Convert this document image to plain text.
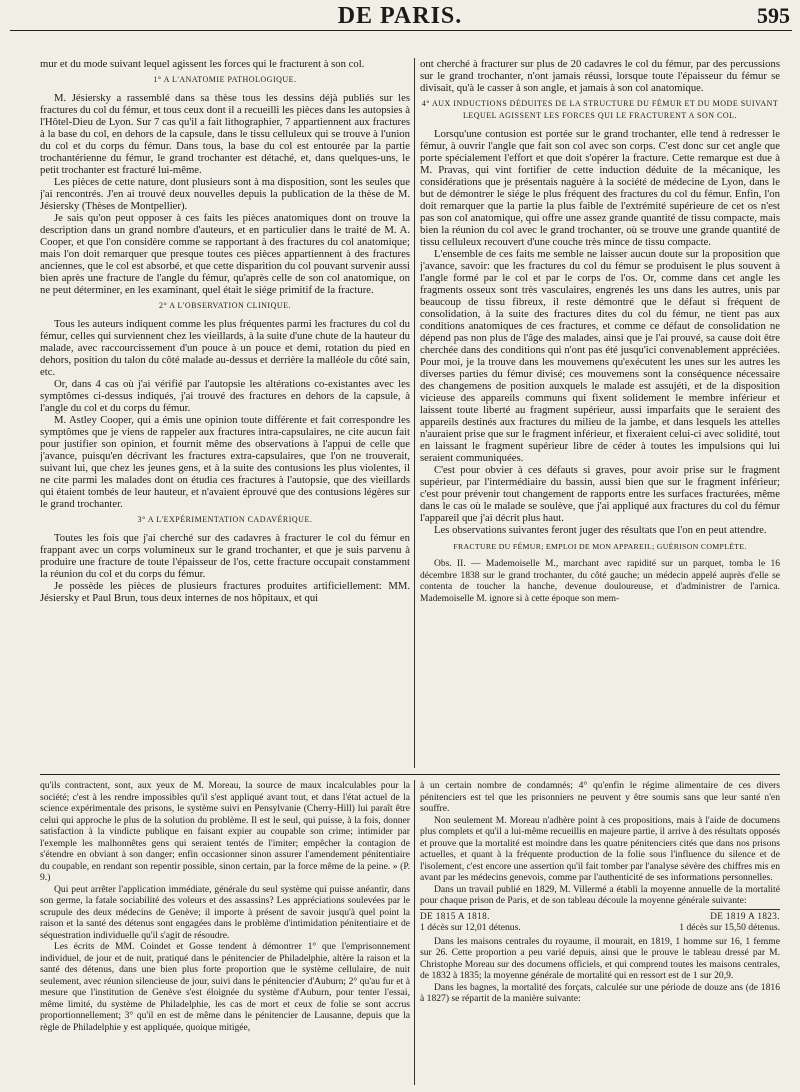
DE PARIS.	595

mur et du mode suivant lequel agissent les forces qui le fracturent à son col.

1° A L'ANATOMIE PATHOLOGIQUE.

M. Jésiersky a rassemblé dans sa thèse tous les dessins déjà publiés sur les fractures du col du fémur, et tous ceux dont il a recueilli les pièces dans les autopsies à l'Hôtel-Dieu de Lyon. Sur 7 cas qu'il a fait lithographier, 7 appartiennent aux fractures à la base du col, en dehors de la capsule, dans le tissu celluleux qui se trouve à l'union du col et du corps du fémur. Dans tous, la base du col est entourée par la partie trochantérienne du fémur, le grand trochanter est détaché, et, dans quelques-uns, le petit trochanter est fracturé lui-même.

Les pièces de cette nature, dont plusieurs sont à ma disposition, sont les seules que j'ai rencontrés. J'en ai trouvé deux nouvelles depuis la publication de la thèse de M. Jésiersky (Thèses de Montpellier).

Je sais qu'on peut opposer à ces faits les pièces anatomiques dont on trouve la description dans un grand nombre d'auteurs, et en particulier dans le traité de M. A. Cooper, et que l'on considère comme se rapportant à des fractures du col anatomique; mais l'on doit remarquer que presque toutes ces pièces appartiennent à des fractures anciennes, que le col est absorbé, et que cette disparition du col pouvant survenir aussi bien après une fracture de l'angle du fémur, qu'après celle de son col anatomique, on ne peut déterminer, en les examinant, quel était le siége primitif de la fracture.

2° A L'OBSERVATION CLINIQUE.

Tous les auteurs indiquent comme les plus fréquentes parmi les fractures du col du fémur, celles qui surviennent chez les vieillards, à la suite d'une chute de la hauteur du malade, avec raccourcissement d'un pouce à un pouce et demi, rotation du pied en dehors, position du talon du côté malade au-dessus et derrière la malléole du côté sain, etc.

Or, dans 4 cas où j'ai vérifié par l'autopsie les altérations co-existantes avec les symptômes ci-dessus indiqués, j'ai trouvé des fractures en dehors de la capsule, à l'angle du col et du corps du fémur.

M. Astley Cooper, qui a émis une opinion toute différente et fait correspondre les symptômes que je viens de rappeler aux fractures intra-capsulaires, ne cite aucun fait pour justifier son opinion, et fournit même des observations à l'appui de celle que j'avance, puisqu'en décrivant les fractures extra-capsulaires, que l'on ne trouverait, suivant lui, que chez les jeunes gens, et à la suite des contusions les plus violentes, il ne cite parmi les malades dont on étudia ces fractures à l'autopsie, que des vieillards qui étaient tombés de leur hauteur, et n'avaient éprouvé que des contusions légères sur le grand trochanter.

3° A L'EXPÉRIMENTATION CADAVÉRIQUE.

Toutes les fois que j'ai cherché sur des cadavres à fracturer le col du fémur en frappant avec un corps volumineux sur le grand trochanter, et que je suis parvenu à produire une fracture de toute l'épaisseur de l'os, cette fracture occupait constamment la réunion du col et du corps du fémur.

Je possède les pièces de plusieurs fractures produites artificiellement: MM. Jésiersky et Paul Brun, tous deux internes de nos hôpitaux, et qui

ont cherché à fracturer sur plus de 20 cadavres le col du fémur, par des percussions sur le grand trochanter, n'ont jamais réussi, lorsque toute l'épaisseur du fémur se divisait, qu'à le casser à son angle, et jamais à son col anatomique.

4° AUX INDUCTIONS DÉDUITES DE LA STRUCTURE DU FÉMUR ET DU MODE SUIVANT LEQUEL AGISSENT LES FORCES QUI LE FRACTURENT A SON COL.

Lorsqu'une contusion est portée sur le grand trochanter, elle tend à redresser le fémur, à ouvrir l'angle que fait son col avec son corps. C'est donc sur cet angle que porte spécialement l'effort et que doit s'opérer la fracture. Cette remarque est due à M. Pravas, qui vint fortifier de cette induction déduite de la mécanique, les considérations que je présentais naguère à la société de médecine de Lyon, dans le but de démontrer le siége le plus fréquent des fractures du col du fémur. Enfin, l'on doit remarquer que la partie la plus faible de l'extrémité supérieure de cet os n'est pas son col anatomique, qui offre une assez grande quantité de tissu compacte, mais bien la réunion du col avec le grand trochanter, où se trouve une grande quantité de tissu celluleux recouvert d'une couche très mince de tissu compacte.

L'ensemble de ces faits me semble ne laisser aucun doute sur la proposition que j'avance, savoir: que les fractures du col du fémur se produisent le plus souvent à l'angle formé par le col et par le corps de l'os. Or, comme dans cet angle les fragments osseux sont très vasculaires, engrenés les uns dans les autres, unis par beaucoup de tissu fibreux, il reste démontré que le défaut si fréquent de consolidation, à la suite des fractures dites du col du fémur, ne tient pas aux conditions anatomiques de ces fractures, et comme ce défaut de consolidation ne dépend pas non plus de l'âge des malades, ainsi que je l'ai prouvé, sa cause doit être cherchée dans des conditions qui n'ont pas été jusqu'ici convenablement appréciées. Pour moi, je la trouve dans les mouvemens qu'exécutent les unes sur les autres les diverses parties du fémur divisé; ces mouvemens sont la conséquence nécessaire des changemens de position auxquels le malade est assujéti, et de la disposition vicieuse des appareils communs qui fixent solidement le membre inférieur et laissent toute liberté au fragment supérieur, aussi imparfaits que le seraient des appareils destinés aux fractures du milieu de la jambe, et dans lesquels les attelles n'auraient prise que sur le fragment inférieur, et fixeraient celui-ci avec solidité, tout en laissant le fragment supérieur libre de céder à toutes les impulsions qui lui seraient communiquées.

C'est pour obvier à ces défauts si graves, pour avoir prise sur le fragment supérieur, par l'intermédiaire du bassin, aussi bien que sur le fragment inférieur; c'est pour prévenir tout changement de rapports entre les surfaces fracturées, même dans le cas où le malade se soulève, que j'ai appliqué aux fractures du col du fémur l'appareil que j'ai décrit plus haut.

Les observations suivantes feront juger des résultats que l'on en peut attendre.

FRACTURE DU FÉMUR; EMPLOI DE MON APPAREIL; GUÉRISON COMPLÈTE.

Obs. II. — Mademoiselle M., marchant avec rapidité sur un parquet, tomba le 16 décembre 1838 sur le grand trochanter, du côté gauche; un médecin appelé auprès d'elle se contenta de toucher la hanche, devenue douloureuse, et d'administrer de l'arnica. Mademoiselle M. ignore si à cette époque son mem-

qu'ils contractent, sont, aux yeux de M. Moreau, la source de maux incalculables pour la société; c'est à les rendre impossibles qu'il s'est appliqué avant tout, et dans l'état actuel de la science expérimentale des prisons, le système suivi en Pensylvanie (Cherry-Hill) lui paraît être celui qui approche le plus de la solution du problème. Il est le seul, qui puisse, à la fois, donner satisfaction à la vindicte publique en faisant expier au coupable son crime; intimider par l'exemple les malhonnêtes gens qui seraient tentés de l'imiter; empêcher la contagion de s'étendre en obviant à son danger; enfin occasionner sinon assurer l'amendement pénitentiaire du coupable, en rendant son repentir possible, sinon certain, par la force même de la peine. » (P. 9.)

Qui peut arrêter l'application immédiate, générale du seul système qui puisse anéantir, dans son germe, la fatale sociabilité des voleurs et des assassins? Les appréciations soulevées par le scrupule des deux médecins de Genève; il importe à présent de savoir jusqu'à quel point la raison et la santé des détenus sont engagées dans le problème d'intimidation pénitentiaire et de séquestration individuelle qu'il s'agit de résoudre.

Les écrits de MM. Coindet et Gosse tendent à démontrer 1° que l'emprisonnement individuel, de jour et de nuit, pratiqué dans le pénitencier de Philadelphie, altère la raison et la santé des détenus, dans une bien plus forte proportion que le système cellulaire, de nuit seulement, avec réunion silencieuse de jour, suivi dans le pénitencier d'Auburn; 2° qu'au fur et à mesure que l'institution de Genève s'est éloignée du système d'Auburn, pour tenter l'essai, même limité, du système de Philadelphie, les cas de mort et ceux de folie se sont accrus proportionnellement; 3° qu'il en est de même dans le pénitencier de Lausanne, depuis que la règle de Philadelphie y est appliquée, quoique mitigée,

à un certain nombre de condamnés; 4° qu'enfin le régime alimentaire de ces divers pénitenciers est tel que les prisonniers ne peuvent y être soumis sans que leur santé n'en souffre.

Non seulement M. Moreau n'adhère point à ces propositions, mais à l'aide de documens plus complets et qu'il a lui-même recueillis en majeure partie, il arrive à des résultats opposés et prouve que la mortalité est moindre dans les quatre pénitenciers cités que dans nos prisons actuelles, et quant à la fréquente production de la folie sous l'influence du silence et de l'isolement, c'est encore une assertion qu'il fait tomber par l'analyse sévère des chiffres mis en avant par les médecins genevois, comme par l'authenticité de ses informations personnelles.

Dans un travail publié en 1829, M. Villermé a établi la moyenne annuelle de la mortalité pour chaque prison de Paris, et de son tableau découle la moyenne générale suivante:

DE 1815 A 1818.	DE 1819 A 1823.
1 décès sur 12,01 détenus.	1 décès sur 15,50 détenus.

Dans les maisons centrales du royaume, il mourait, en 1819, 1 homme sur 16, 1 femme sur 26. Cette proportion a peu varié depuis, ainsi que le prouve le tableau dressé par M. Christophe Moreau sur des documens officiels, et qui comprend toutes les maisons centrales, de 1832 à 1835; la moyenne générale de mortalité qui en ressort est de 1 sur 20,9.

Dans les bagnes, la mortalité des forçats, calculée sur une période de douze ans (de 1816 à 1827) se répartit de la manière suivante:
